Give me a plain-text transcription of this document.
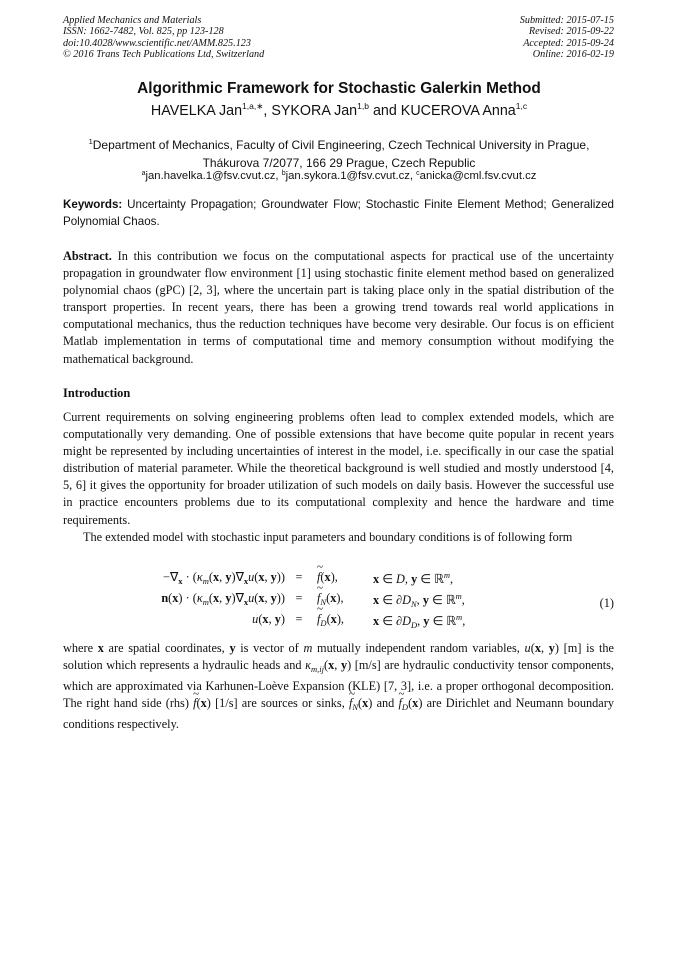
Applied Mechanics and Materials
ISSN: 1662-7482, Vol. 825, pp 123-128
doi:10.4028/www.scientific.net/AMM.825.123
© 2016 Trans Tech Publications Ltd, Switzerland
Submitted: 2015-07-15
Revised: 2015-09-22
Accepted: 2015-09-24
Online: 2016-02-19
Algorithmic Framework for Stochastic Galerkin Method
HAVELKA Jan$^{1,a,∗}$, SYKORA Jan$^{1,b}$ and KUCEROVA Anna$^{1,c}$
$^1$Department of Mechanics, Faculty of Civil Engineering, Czech Technical University in Prague, Thákurova 7/2077, 166 29 Prague, Czech Republic
$^a$jan.havelka.1@fsv.cvut.cz, $^b$jan.sykora.1@fsv.cvut.cz, $^c$anicka@cml.fsv.cvut.cz
Keywords: Uncertainty Propagation; Groundwater Flow; Stochastic Finite Element Method; Generalized Polynomial Chaos.
Abstract. In this contribution we focus on the computational aspects for practical use of the uncertainty propagation in groundwater flow environment [1] using stochastic finite element method based on generalized polynomial chaos (gPC) [2, 3], where the uncertain part is taking place only in the spatial distribution of the transport properties. In recent years, there has been a growing trend towards real world applications in computational mechanics, thus the reduction techniques have become very desirable. Our focus is on efficient Matlab implementation in terms of computational time and memory consumption without modifying the mathematical background.
Introduction

Current requirements on solving engineering problems often lead to complex extended models, which are computationally very demanding. One of possible extensions that have become quite popular in recent years might be represented by including uncertainties of interest in the model, i.e. specifically in our case the spatial distribution of material parameter. While the theoretical background is well studied and mostly understood [4, 5, 6] it gives the opportunity for broader utilization of such models on daily basis. However the successful use in practice encounters problems due to its computational complexity and hence the hardware and time requirements.

The extended model with stochastic input parameters and boundary conditions is of following form

$-\nabla_x \cdot (\kappa_m(x$, $y)\nabla_xu(x$, y)) =	~ f(x),	x ∈ D, y ∈ ℝ$^m$,
$n(x) \cdot (\kappa_m(x$, $y)\nabla_xu(x$, y)) =	~ $f_N(x)$, x ∈ $\partial D_N$, y ∈ ℝ$^m$,
u(x, y) =	~ $f_D(x)$, x ∈ $\partial D_D$, y ∈ ℝ$^m$,
(1)
where x are spatial coordinates, y is vector of m mutually independent random variables, u(x, y) [m] is the solution which represents a hydraulic heads and $\kappa_{m,ij}(x$, y) [m/s] are hydraulic conductivity tensor components, which are approximated via Karhunen-Loève Expansion (KLE) [7, 3], i.e. a proper orthogonal decomposition. The right hand side (rhs) ~ f(x) [1/s] are sources or sinks, ~ $f_N(x)$ and ~ $f_D(x)$ are Dirichlet and Neumann boundary conditions respectively.
